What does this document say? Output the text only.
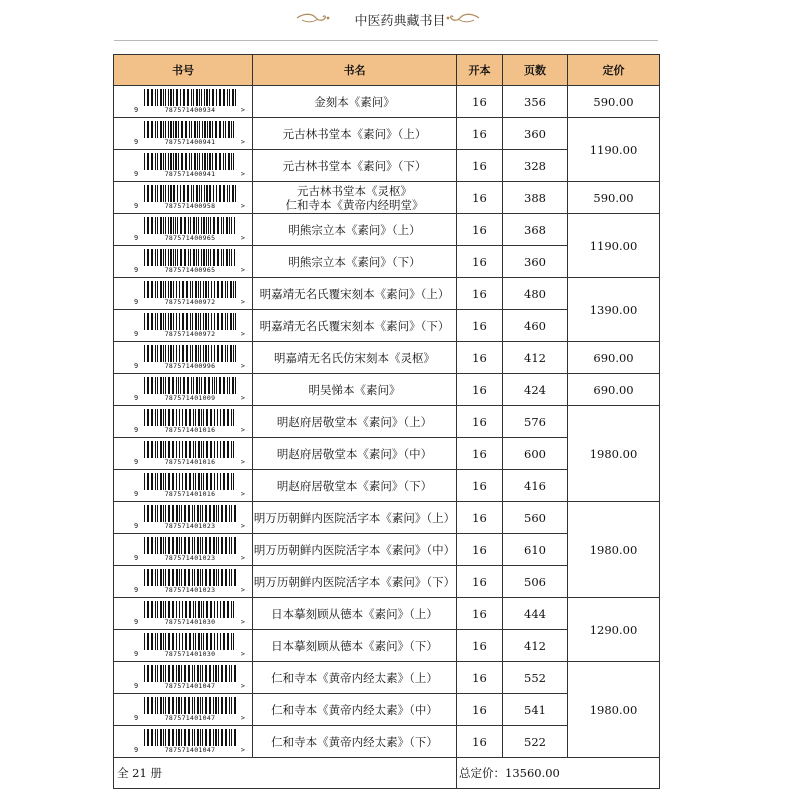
中医药典藏书目
书号	书名	开本	页数	定价

9 787571400934 >	金刻本《素问》	16	356	590.00

9 787571400941 >	元古林书堂本《素问》（上）	16	360	1190.00

9 787571400941 >	元古林书堂本《素问》（下）	16	328	

9 787571400958 >	元古林书堂本《灵枢》
仁和寺本《黄帝内经明堂》	16	388	590.00

9 787571400965 >	明熊宗立本《素问》（上）	16	368	1190.00

9 787571400965 >	明熊宗立本《素问》（下）	16	360	

9 787571400972 >	明嘉靖无名氏覆宋刻本《素问》（上）	16	480	1390.00

9 787571400972 >	明嘉靖无名氏覆宋刻本《素问》（下）	16	460	

9 787571400996 >	明嘉靖无名氏仿宋刻本《灵枢》	16	412	690.00

9 787571401009 >	明吴悌本《素问》	16	424	690.00

9 787571401016 >	明赵府居敬堂本《素问》（上）	16	576	1980.00

9 787571401016 >	明赵府居敬堂本《素问》（中）	16	600	

9 787571401016 >	明赵府居敬堂本《素问》（下）	16	416	

9 787571401023 >	明万历朝鲜内医院活字本《素问》（上）	16	560	1980.00

9 787571401023 >	明万历朝鲜内医院活字本《素问》（中）	16	610	

9 787571401023 >	明万历朝鲜内医院活字本《素问》（下）	16	506	

9 787571401030 >	日本摹刻顾从德本《素问》（上）	16	444	1290.00

9 787571401030 >	日本摹刻顾从德本《素问》（下）	16	412	

9 787571401047 >	仁和寺本《黄帝内经太素》（上）	16	552	1980.00

9 787571401047 >	仁和寺本《黄帝内经太素》（中）	16	541	

9 787571401047 >	仁和寺本《黄帝内经太素》（下）	16	522	
全 21 册		总定价：13560.00		
